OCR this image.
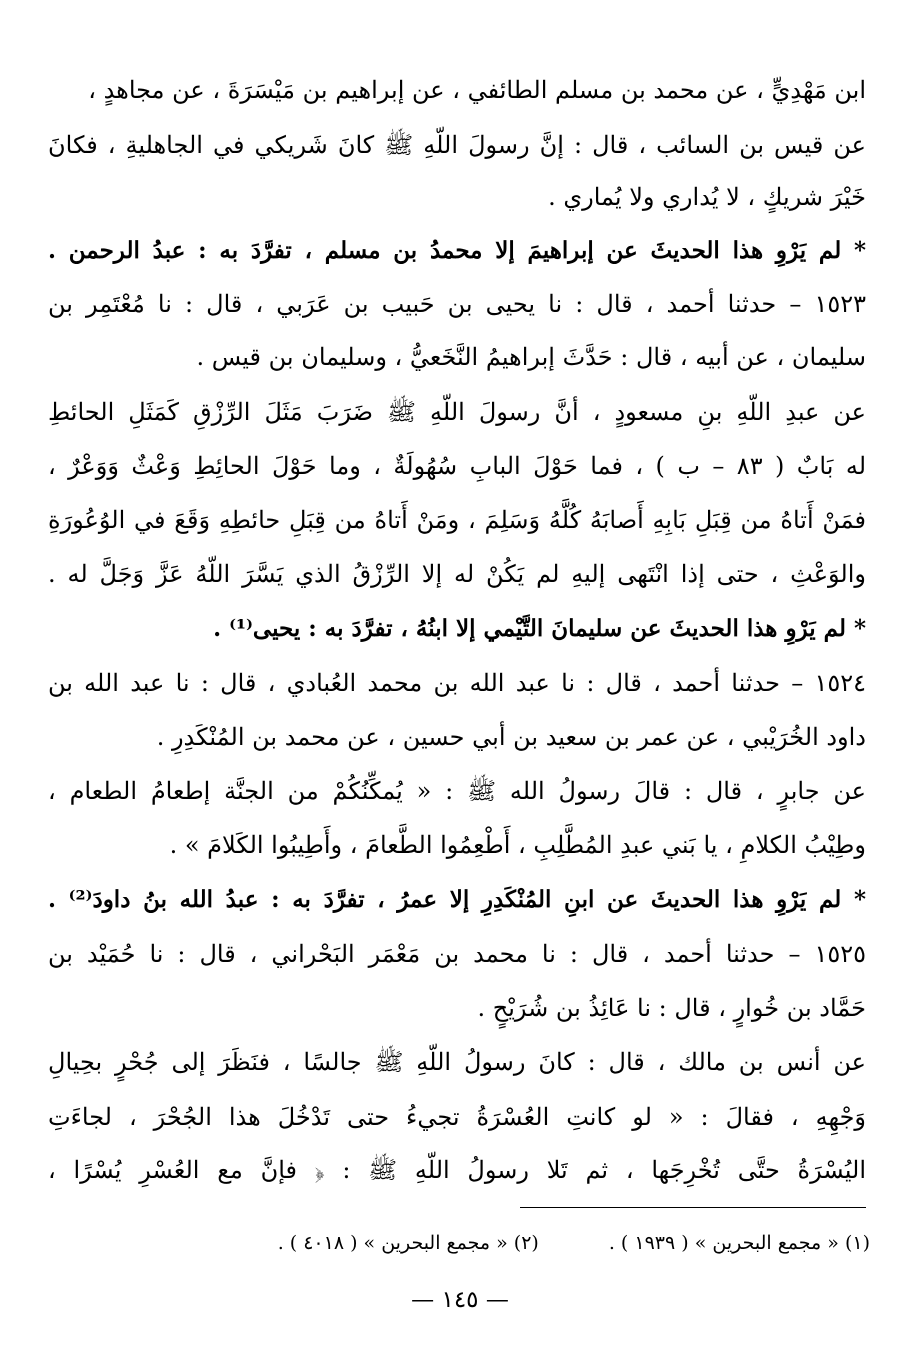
ابن مَهْدِيٍّ ، عن محمد بن مسلم الطائفي ، عن إبراهيم بن مَيْسَرَةَ ، عن مجاهدٍ ،
عن قيس بن السائب ، قال : إنَّ رسولَ اللّهِ ﷺ كانَ شَريكي في الجاهليةِ ، فكانَ
خَيْرَ شريكٍ ، لا يُداري ولا يُماري .
* لم يَرْوِ هذا الحديثَ عن إبراهيمَ إلا محمدُ بن مسلم ، تفرَّدَ به : عبدُ الرحمن .
١٥٢٣ – حدثنا أحمد ، قال : نا يحيى بن حَبيب بن عَرَبي ، قال : نا مُعْتَمِر بن
سليمان ، عن أبيه ، قال : حَدَّثَ إبراهيمُ النَّخَعيُّ ، وسليمان بن قيس .
عن عبدِ اللّهِ بنِ مسعودٍ ، أنَّ رسولَ اللّهِ ﷺ ضَرَبَ مَثَلَ الرِّزْقِ كَمَثَلِ الحائطِ
له بَابٌ ( ٨٣ – ب ) ، فما حَوْلَ البابِ سُهُولَةٌ ، وما حَوْلَ الحائِطِ وَعْثٌ وَوَعْرٌ ،
فمَنْ أَتاهُ من قِبَلِ بَابِهِ أَصابَهُ كُلَّهُ وَسَلِمَ ، ومَنْ أَتاهُ من قِبَلِ حائطِهِ وَقَعَ في الوُعُورَةِ
والوَعْثِ ، حتى إذا انْتَهى إليهِ لم يَكُنْ له إلا الرِّزْقُ الذي يَسَّرَ اللّهُ عَزَّ وَجَلَّ له .
* لم يَرْوِ هذا الحديثَ عن سليمانَ التَّيْمي إلا ابنُهُ ، تفرَّدَ به : يحيى⁽¹⁾ .
١٥٢٤ – حدثنا أحمد ، قال : نا عبد الله بن محمد العُبادي ، قال : نا عبد الله بن
داود الخُرَيْبي ، عن عمر بن سعيد بن أبي حسين ، عن محمد بن المُنْكَدِرِ .
عن جابرٍ ، قال : قالَ رسولُ الله ﷺ : « يُمكِّنُكُمْ من الجنَّة إطعامُ الطعام ،
وطِيْبُ الكلامِ ، يا بَني عبدِ المُطَّلِبِ ، أَطْعِمُوا الطَّعامَ ، وأَطِيبُوا الكَلامَ » .
* لم يَرْوِ هذا الحديثَ عن ابنِ المُنْكَدِرِ إلا عمرُ ، تفرَّدَ به : عبدُ الله بنُ داودَ⁽²⁾ .
١٥٢٥ – حدثنا أحمد ، قال : نا محمد بن مَعْمَر البَحْراني ، قال : نا حُمَيْد بن
حَمَّاد بن خُوارٍ ، قال : نا عَائِذُ بن شُرَيْحٍ .
عن أنس بن مالك ، قال : كانَ رسولُ اللّهِ ﷺ جالسًا ، فنَظَرَ إلى جُحْرٍ بحِيالِ
وَجْهِهِ ، فقالَ : « لو كانتِ العُسْرَةُ تجيءُ حتى تَدْخُلَ هذا الجُحْرَ ، لجاءَتِ
اليُسْرَةُ حتَّى تُخْرِجَها ، ثم تَلا رسولُ اللّهِ ﷺ : ﴿ فإنَّ مع العُسْرِ يُسْرًا ،
(١) « مجمع البحرين » ( ١٩٣٩ ) .
(٢) « مجمع البحرين » ( ٤٠١٨ ) .
— ١٤٥ —
